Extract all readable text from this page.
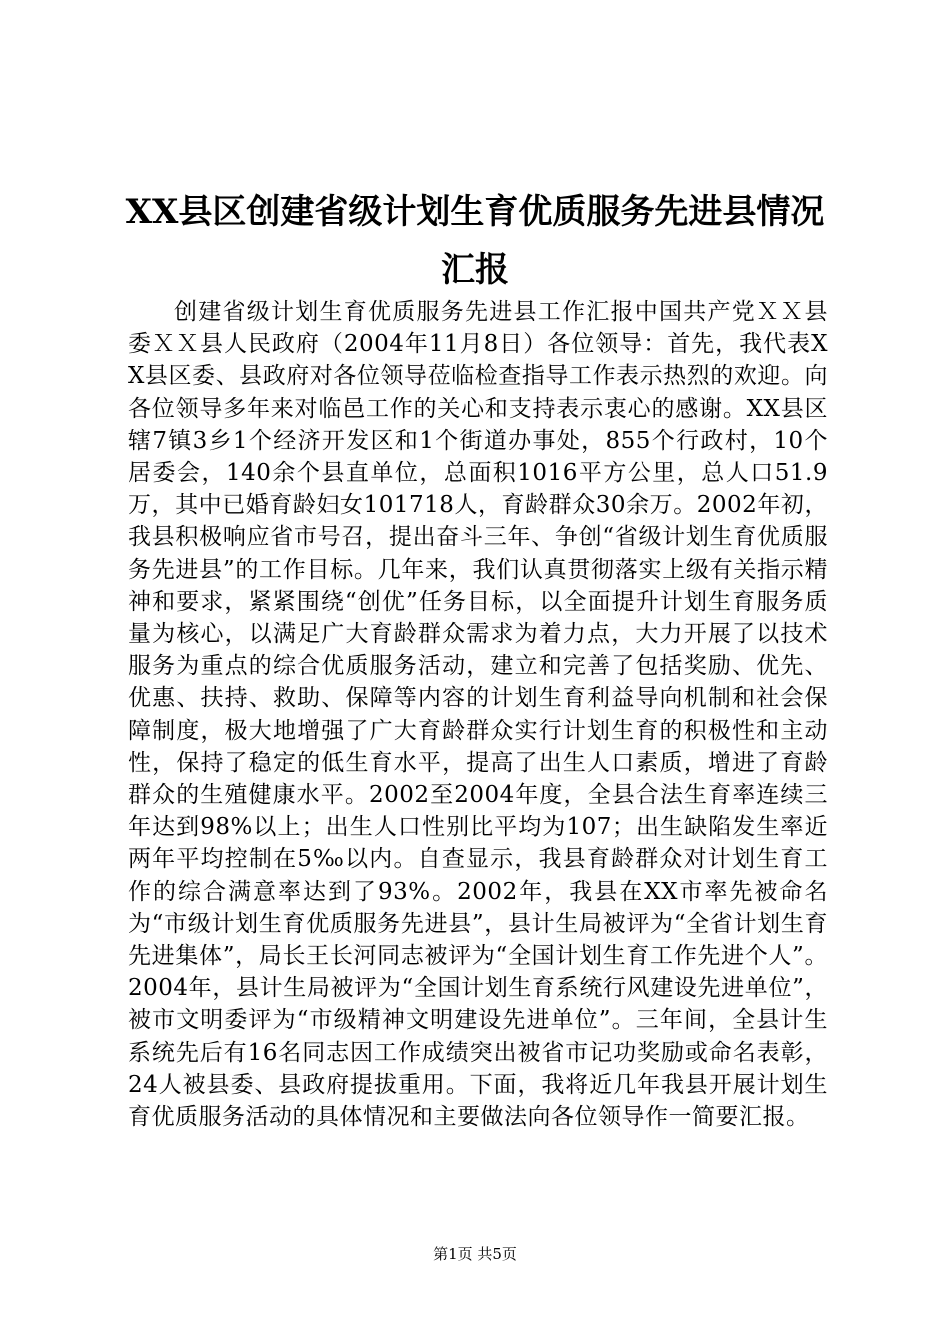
XX县区创建省级计划生育优质服务先进县情况汇报

创建省级计划生育优质服务先进县工作汇报中国共产党ＸＸ县委ＸＸ县人民政府（2004年11月8日）各位领导：首先，我代表XX县区委、县政府对各位领导莅临检查指导工作表示热烈的欢迎。向各位领导多年来对临邑工作的关心和支持表示衷心的感谢。XX县区辖7镇3乡1个经济开发区和1个街道办事处，855个行政村，10个居委会，140余个县直单位，总面积1016平方公里，总人口51.9万，其中已婚育龄妇女101718人，育龄群众30余万。2002年初，我县积极响应省市号召，提出奋斗三年、争创“省级计划生育优质服务先进县”的工作目标。几年来，我们认真贯彻落实上级有关指示精神和要求，紧紧围绕“创优”任务目标，以全面提升计划生育服务质量为核心，以满足广大育龄群众需求为着力点，大力开展了以技术服务为重点的综合优质服务活动，建立和完善了包括奖励、优先、优惠、扶持、救助、保障等内容的计划生育利益导向机制和社会保障制度，极大地增强了广大育龄群众实行计划生育的积极性和主动性，保持了稳定的低生育水平，提高了出生人口素质，增进了育龄群众的生殖健康水平。2002至2004年度，全县合法生育率连续三年达到98%以上；出生人口性别比平均为107；出生缺陷发生率近两年平均控制在5‰以内。自查显示，我县育龄群众对计划生育工作的综合满意率达到了93%。2002年，我县在XX市率先被命名为“市级计划生育优质服务先进县”，县计生局被评为“全省计划生育先进集体”，局长王长河同志被评为“全国计划生育工作先进个人”。2004年，县计生局被评为“全国计划生育系统行风建设先进单位”，被市文明委评为“市级精神文明建设先进单位”。三年间，全县计生系统先后有16名同志因工作成绩突出被省市记功奖励或命名表彰，24人被县委、县政府提拔重用。下面，我将近几年我县开展计划生育优质服务活动的具体情况和主要做法向各位领导作一简要汇报。

第1页 共5页
